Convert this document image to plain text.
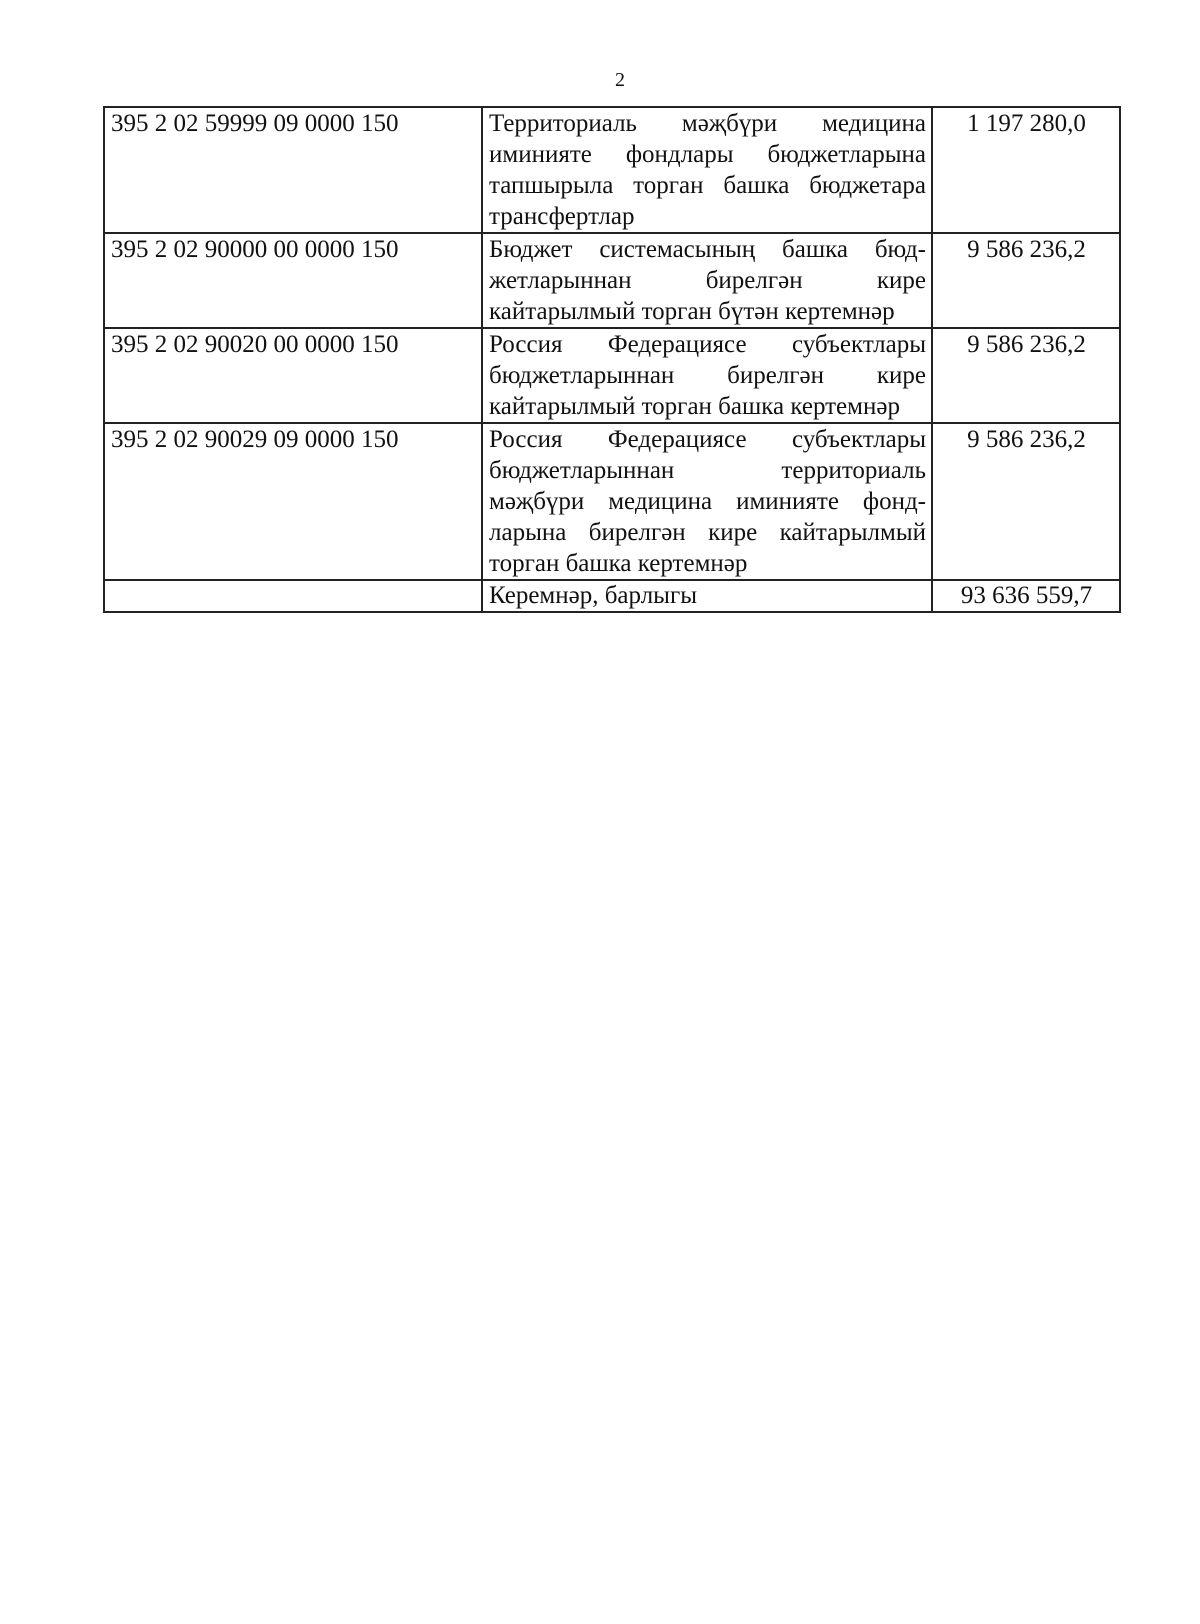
2
395 2 02 59999 09 0000 150	Территориаль мәҗбүри медицина иминияте фондлары бюджетларына тапшырыла торган башка бюджетара трансфертлар	1 197 280,0
395 2 02 90000 00 0000 150	Бюджет системасының башка бюд-жетларыннан бирелгән кире кайтарылмый торган бүтән кертемнәр	9 586 236,2
395 2 02 90020 00 0000 150	Россия Федерациясе субъектлары бюджетларыннан бирелгән кире кайтарылмый торган башка кертемнәр	9 586 236,2
395 2 02 90029 09 0000 150	Россия Федерациясе субъектлары бюджетларыннан территориаль мәҗбүри медицина иминияте фонд-ларына бирелгән кире кайтарылмый торган башка кертемнәр	9 586 236,2
	Керемнәр, барлыгы	93 636 559,7
